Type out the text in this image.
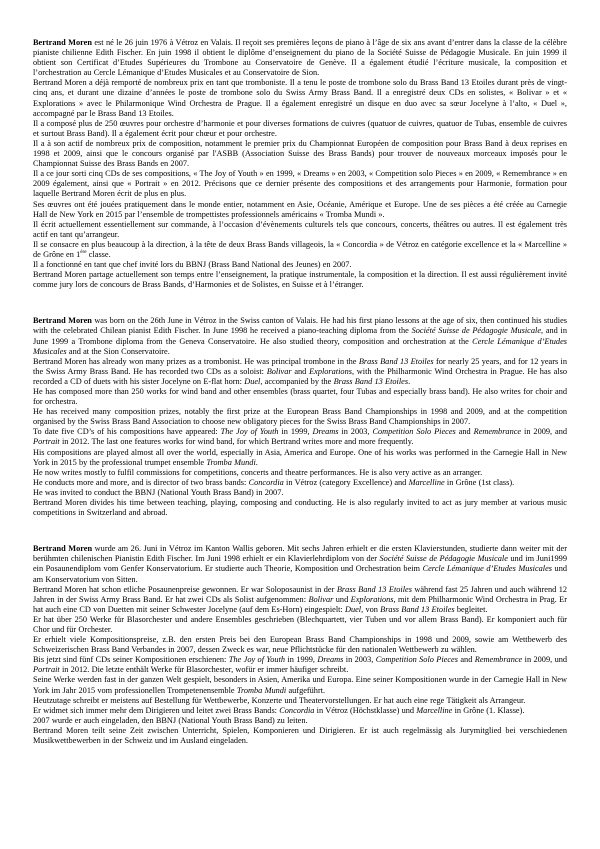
Bertrand Moren est né le 26 juin 1976 à Vétroz en Valais. Il reçoit ses premières leçons de piano à l’âge de six ans avant d’entrer dans la classe de la célèbre pianiste chilienne Edith Fischer. En juin 1998 il obtient le diplôme d’enseignement du piano de la Société Suisse de Pédagogie Musicale. En juin 1999 il obtient son Certificat d’Etudes Supérieures du Trombone au Conservatoire de Genève. Il a également étudié l’écriture musicale, la composition et l’orchestration au Cercle Lémanique d’Etudes Musicales et au Conservatoire de Sion.

Bertrand Moren a déjà remporté de nombreux prix en tant que tromboniste. Il a tenu le poste de trombone solo du Brass Band 13 Etoiles durant près de vingt-cinq ans, et durant une dizaine d’années le poste de trombone solo du Swiss Army Brass Band. Il a enregistré deux CDs en solistes, « Bolivar » et « Explorations » avec le Philarmonique Wind Orchestra de Prague. Il a également enregistré un disque en duo avec sa sœur Jocelyne à l’alto, « Duel », accompagné par le Brass Band 13 Etoiles.

Il a composé plus de 250 œuvres pour orchestre d’harmonie et pour diverses formations de cuivres (quatuor de cuivres, quatuor de Tubas, ensemble de cuivres et surtout Brass Band). Il a également écrit pour chœur et pour orchestre.

Il a à son actif de nombreux prix de composition, notamment le premier prix du Championnat Européen de composition pour Brass Band à deux reprises en 1998 et 2009, ainsi que le concours organisé par l'ASBB (Association Suisse des Brass Bands) pour trouver de nouveaux morceaux imposés pour le Championnat Suisse des Brass Bands en 2007.

Il a ce jour sorti cinq CDs de ses compositions, « The Joy of Youth » en 1999, « Dreams » en 2003, « Competition solo Pieces » en 2009, « Remembrance » en 2009 également, ainsi que « Portrait » en 2012. Précisons que ce dernier présente des compositions et des arrangements pour Harmonie, formation pour laquelle Bertrand Moren écrit de plus en plus.

Ses œuvres ont été jouées pratiquement dans le monde entier, notamment en Asie, Océanie, Amérique et Europe. Une de ses pièces a été créée au Carnegie Hall de New York en 2015 par l’ensemble de trompettistes professionnels américains « Tromba Mundi ».

Il écrit actuellement essentiellement sur commande, à l’occasion d’évènements culturels tels que concours, concerts, théâtres ou autres. Il est également très actif en tant qu’arrangeur.

Il se consacre en plus beaucoup à la direction, à la tête de deux Brass Bands villageois, la « Concordia » de Vétroz en catégorie excellence et la « Marcelline » de Grône en 1ère classe.

Il a fonctionné en tant que chef invité lors du BBNJ (Brass Band National des Jeunes) en 2007.

Bertrand Moren partage actuellement son temps entre l’enseignement, la pratique instrumentale, la composition et la direction. Il est aussi régulièrement invité comme jury lors de concours de Brass Bands, d’Harmonies et de Solistes, en Suisse et à l’étranger.

Bertrand Moren was born on the 26th June in Vétroz in the Swiss canton of Valais. He had his first piano lessons at the age of six, then continued his studies with the celebrated Chilean pianist Edith Fischer. In June 1998 he received a piano-teaching diploma from the Société Suisse de Pédagogie Musicale, and in June 1999 a Trombone diploma from the Geneva Conservatoire. He also studied theory, composition and orchestration at the Cercle Lémanique d’Etudes Musicales and at the Sion Conservatoire.

Bertrand Moren has already won many prizes as a trombonist. He was principal trombone in the Brass Band 13 Etoiles for nearly 25 years, and for 12 years in the Swiss Army Brass Band. He has recorded two CDs as a soloist: Bolivar and Explorations, with the Philharmonic Wind Orchestra in Prague. He has also recorded a CD of duets with his sister Jocelyne on E-flat horn: Duel, accompanied by the Brass Band 13 Etoiles.

He has composed more than 250 works for wind band and other ensembles (brass quartet, four Tubas and especially brass band). He also writes for choir and for orchestra.

He has received many composition prizes, notably the first prize at the European Brass Band Championships in 1998 and 2009, and at the competition organised by the Swiss Brass Band Association to choose new obligatory pieces for the Swiss Brass Band Championships in 2007.

To date five CD’s of his compositions have appeared: The Joy of Youth in 1999, Dreams in 2003, Competition Solo Pieces and Remembrance in 2009, and Portrait in 2012. The last one features works for wind band, for which Bertrand writes more and more frequently.

His compositions are played almost all over the world, especially in Asia, America and Europe. One of his works was performed in the Carnegie Hall in New York in 2015 by the professional trumpet ensemble Tromba Mundi.

He now writes mostly to fulfil commissions for competitions, concerts and theatre performances. He is also very active as an arranger.

He conducts more and more, and is director of two brass bands: Concordia in Vétroz (category Excellence) and Marcelline in Grône (1st class).

He was invited to conduct the BBNJ (National Youth Brass Band) in 2007.

Bertrand Moren divides his time between teaching, playing, composing and conducting. He is also regularly invited to act as jury member at various music competitions in Switzerland and abroad.

Bertrand Moren wurde am 26. Juni in Vétroz im Kanton Wallis geboren. Mit sechs Jahren erhielt er die ersten Klavierstunden, studierte dann weiter mit der berühmten chilenischen Pianistin Edith Fischer. Im Juni 1998 erhielt er ein Klavierlehrdiplom von der Société Suisse de Pédagogie Musicale und im Juni1999 ein Posaunendiplom vom Genfer Konservatorium. Er studierte auch Theorie, Komposition und Orchestration beim Cercle Lémanique d’Etudes Musicales und am Konservatorium von Sitten.

Bertrand Moren hat schon etliche Posaunenpreise gewonnen. Er war Soloposaunist in der Brass Band 13 Etoiles während fast 25 Jahren und auch während 12 Jahren in der Swiss Army Brass Band. Er hat zwei CDs als Solist aufgenommen: Bolivar und Explorations, mit dem Philharmonic Wind Orchestra in Prag. Er hat auch eine CD von Duetten mit seiner Schwester Jocelyne (auf dem Es-Horn) eingespielt: Duel, von Brass Band 13 Etoiles begleitet.

Er hat über 250 Werke für Blasorchester und andere Ensembles geschrieben (Blechquartett, vier Tuben und vor allem Brass Band). Er komponiert auch für Chor und für Orchester.

Er erhielt viele Kompositionspreise, z.B. den ersten Preis bei den European Brass Band Championships in 1998 und 2009, sowie am Wettbewerb des Schweizerischen Brass Band Verbandes in 2007, dessen Zweck es war, neue Pflichtstücke für den nationalen Wettbewerb zu wählen.

Bis jetzt sind fünf CDs seiner Kompositionen erschienen: The Joy of Youth in 1999, Dreams in 2003, Competition Solo Pieces and Remembrance in 2009, und Portrait in 2012. Die letzte enthält Werke für Blasorchester, wofür er immer häufiger schreibt.

Seine Werke werden fast in der ganzen Welt gespielt, besonders in Asien, Amerika und Europa. Eine seiner Kompositionen wurde in der Carnegie Hall in New York im Jahr 2015 vom professionellen Trompetenensemble Tromba Mundi aufgeführt.

Heutzutage schreibt er meistens auf Bestellung für Wettbewerbe, Konzerte und Theatervorstellungen. Er hat auch eine rege Tätigkeit als Arrangeur.

Er widmet sich immer mehr dem Dirigieren und leitet zwei Brass Bands: Concordia in Vétroz (Höchstklasse) und Marcelline in Grône (1. Klasse).

2007 wurde er auch eingeladen, den BBNJ (National Youth Brass Band) zu leiten.

Bertrand Moren teilt seine Zeit zwischen Unterricht, Spielen, Komponieren und Dirigieren. Er ist auch regelmässig als Jurymitglied bei verschiedenen Musikwettbewerben in der Schweiz und im Ausland eingeladen.
